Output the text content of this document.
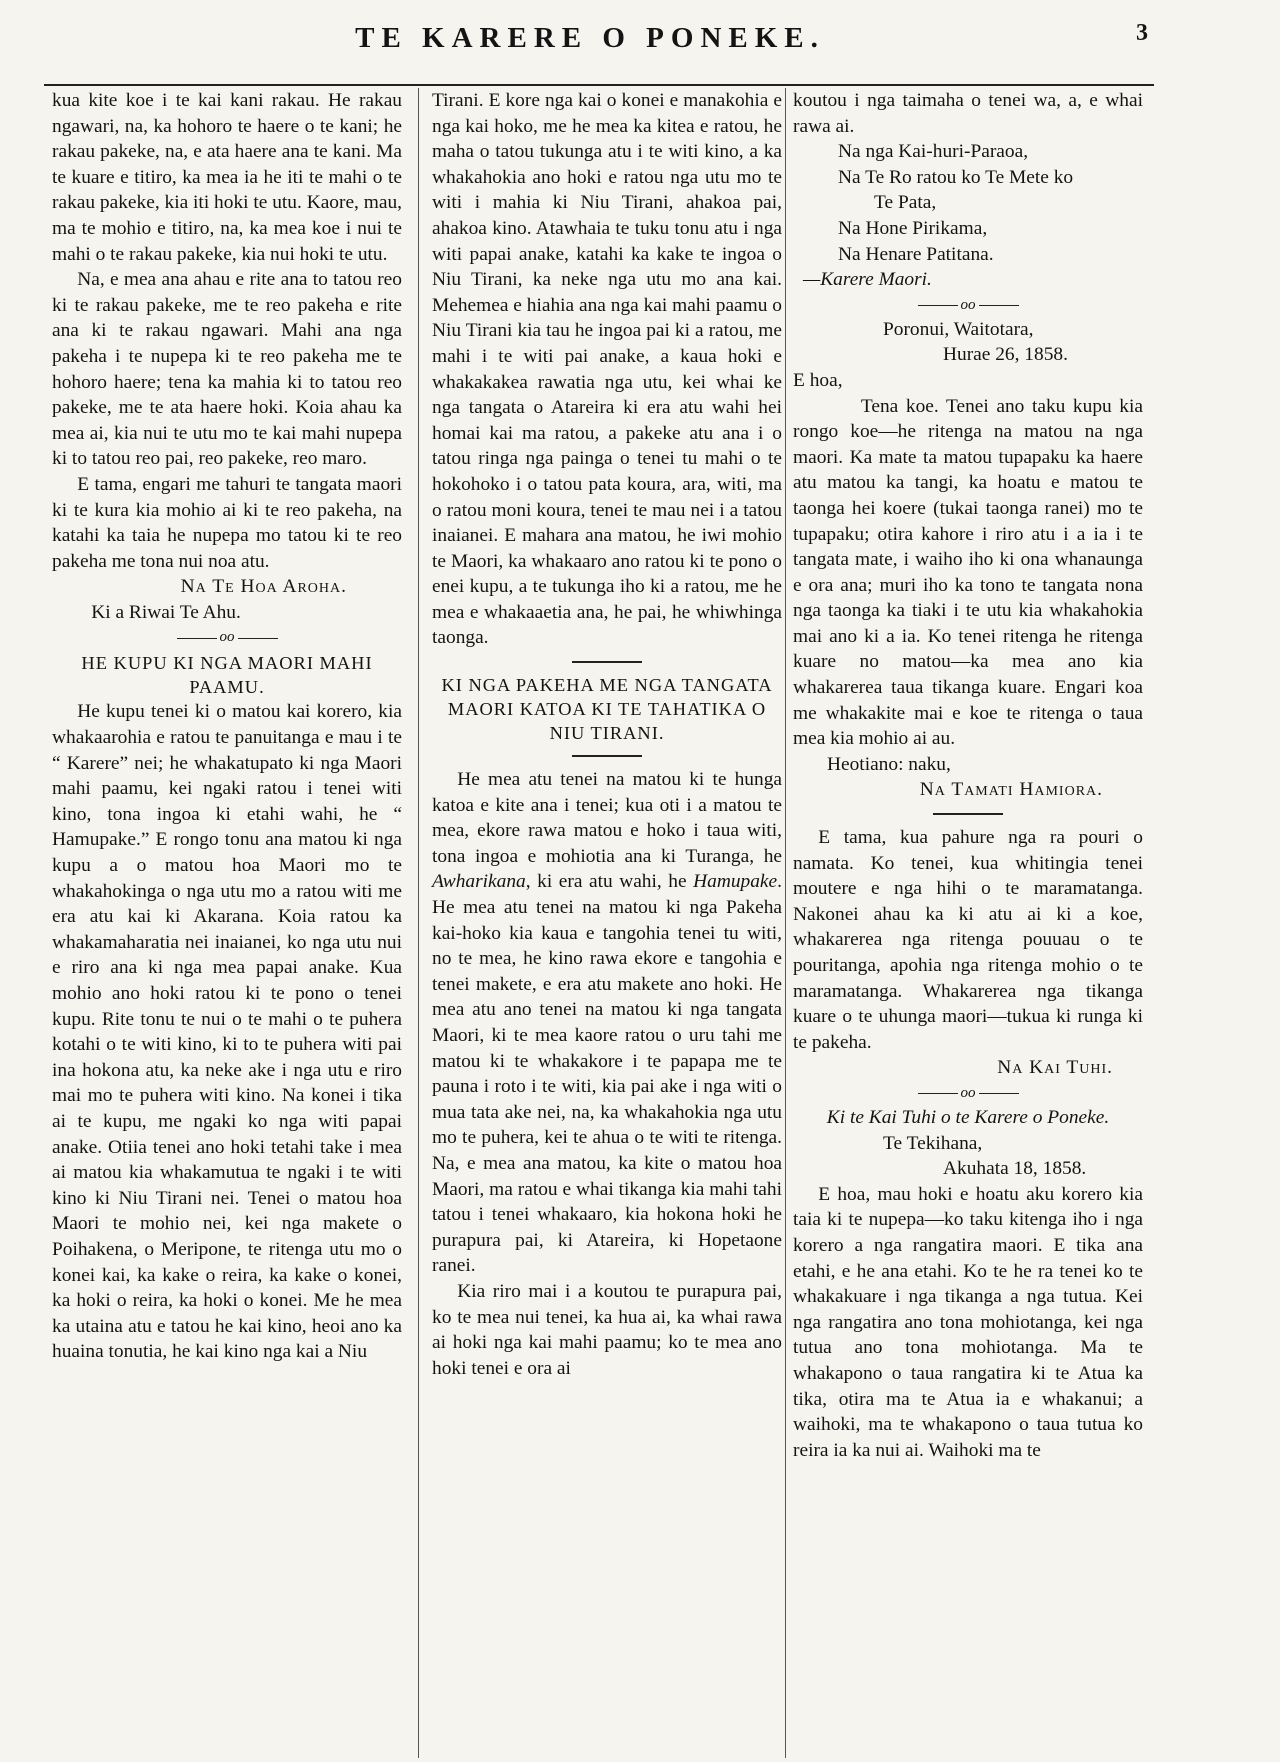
TE KARERE O PONEKE.	3

kua kite koe i te kai kani rakau. He rakau ngawari, na, ka hohoro te haere o te kani; he rakau pakeke, na, e ata haere ana te kani. Ma te kuare e titiro, ka mea ia he iti te mahi o te rakau pakeke, kia iti hoki te utu. Kaore, mau, ma te mohio e titiro, na, ka mea koe i nui te mahi o te rakau pakeke, kia nui hoki te utu.

Na, e mea ana ahau e rite ana to tatou reo ki te rakau pakeke, me te reo pakeha e rite ana ki te rakau ngawari. Mahi ana nga pakeha i te nupepa ki te reo pakeha me te hohoro haere; tena ka mahia ki to tatou reo pakeke, me te ata haere hoki. Koia ahau ka mea ai, kia nui te utu mo te kai mahi nupepa ki to tatou reo pai, reo pakeke, reo maro.

E tama, engari me tahuri te tangata maori ki te kura kia mohio ai ki te reo pakeha, na katahi ka taia he nupepa mo tatou ki te reo pakeha me tona nui noa atu.

Na Te Hoa Aroha.

Ki a Riwai Te Ahu.

oo
HE KUPU KI NGA MAORI MAHI PAAMU.

He kupu tenei ki o matou kai korero, kia whakaarohia e ratou te panuitanga e mau i te “ Karere” nei; he whakatupato ki nga Maori mahi paamu, kei ngaki ratou i tenei witi kino, tona ingoa ki etahi wahi, he “ Hamupake.” E rongo tonu ana matou ki nga kupu a o matou hoa Maori mo te whakahokinga o nga utu mo a ratou witi me era atu kai ki Akarana. Koia ratou ka whakamaharatia nei inaianei, ko nga utu nui e riro ana ki nga mea papai anake. Kua mohio ano hoki ratou ki te pono o tenei kupu. Rite tonu te nui o te mahi o te puhera kotahi o te witi kino, ki to te puhera witi pai ina hokona atu, ka neke ake i nga utu e riro mai mo te puhera witi kino. Na konei i tika ai te kupu, me ngaki ko nga witi papai anake. Otiia tenei ano hoki tetahi take i mea ai matou kia whakamutua te ngaki i te witi kino ki Niu Tirani nei. Tenei o matou hoa Maori te mohio nei, kei nga makete o Poihakena, o Meripone, te ritenga utu mo o konei kai, ka kake o reira, ka kake o konei, ka hoki o reira, ka hoki o konei. Me he mea ka utaina atu e tatou he kai kino, heoi ano ka huaina tonutia, he kai kino nga kai a Niu

Tirani. E kore nga kai o konei e manakohia e nga kai hoko, me he mea ka kitea e ratou, he maha o tatou tukunga atu i te witi kino, a ka whakahokia ano hoki e ratou nga utu mo te witi i mahia ki Niu Tirani, ahakoa pai, ahakoa kino. Atawhaia te tuku tonu atu i nga witi papai anake, katahi ka kake te ingoa o Niu Tirani, ka neke nga utu mo ana kai. Mehemea e hiahia ana nga kai mahi paamu o Niu Tirani kia tau he ingoa pai ki a ratou, me mahi i te witi pai anake, a kaua hoki e whakakakea rawatia nga utu, kei whai ke nga tangata o Atareira ki era atu wahi hei homai kai ma ratou, a pakeke atu ana i o tatou ringa nga painga o tenei tu mahi o te hokohoko i o tatou pata koura, ara, witi, ma o ratou moni koura, tenei te mau nei i a tatou inaianei. E mahara ana matou, he iwi mohio te Maori, ka whakaaro ano ratou ki te pono o enei kupu, a te tukunga iho ki a ratou, me he mea e whakaaetia ana, he pai, he whiwhinga taonga.

KI NGA PAKEHA ME NGA TANGATA MAORI KATOA KI TE TAHATIKA O NIU TIRANI.

He mea atu tenei na matou ki te hunga katoa e kite ana i tenei; kua oti i a matou te mea, ekore rawa matou e hoko i taua witi, tona ingoa e mohiotia ana ki Turanga, he Awharikana, ki era atu wahi, he Hamupake. He mea atu tenei na matou ki nga Pakeha kai-hoko kia kaua e tangohia tenei tu witi, no te mea, he kino rawa ekore e tangohia e tenei makete, e era atu makete ano hoki. He mea atu ano tenei na matou ki nga tangata Maori, ki te mea kaore ratou o uru tahi me matou ki te whakakore i te papapa me te pauna i roto i te witi, kia pai ake i nga witi o mua tata ake nei, na, ka whakahokia nga utu mo te puhera, kei te ahua o te witi te ritenga. Na, e mea ana matou, ka kite o matou hoa Maori, ma ratou e whai tikanga kia mahi tahi tatou i tenei whakaaro, kia hokona hoki he purapura pai, ki Atareira, ki Hopetaone ranei.

Kia riro mai i a koutou te purapura pai, ko te mea nui tenei, ka hua ai, ka whai rawa ai hoki nga kai mahi paamu; ko te mea ano hoki tenei e ora ai

koutou i nga taimaha o tenei wa, a, e whai rawa ai.

Na nga Kai-huri-Paraoa,
Na Te Ro ratou ko Te Mete ko
Te Pata,
Na Hone Pirikama,
Na Henare Patitana.

—Karere Maori.

oo
Poronui, Waitotara,
Hurae 26, 1858.

E hoa,

Tena koe. Tenei ano taku kupu kia rongo koe—he ritenga na matou na nga maori. Ka mate ta matou tupapaku ka haere atu matou ka tangi, ka hoatu e matou te taonga hei koere (tukai taonga ranei) mo te tupapaku; otira kahore i riro atu i a ia i te tangata mate, i waiho iho ki ona whanaunga e ora ana; muri iho ka tono te tangata nona nga taonga ka tiaki i te utu kia whakahokia mai ano ki a ia. Ko tenei ritenga he ritenga kuare no matou—ka mea ano kia whakarerea taua tikanga kuare. Engari koa me whakakite mai e koe te ritenga o taua mea kia mohio ai au.

Heotiano: naku,

Na Tamati Hamiora.

E tama, kua pahure nga ra pouri o namata. Ko tenei, kua whitingia tenei moutere e nga hihi o te maramatanga. Nakonei ahau ka ki atu ai ki a koe, whakarerea nga ritenga pouuau o te pouritanga, apohia nga ritenga mohio o te maramatanga. Whakarerea nga tikanga kuare o te uhunga maori—tukua ki runga ki te pakeha.

Na Kai Tuhi.

oo
Ki te Kai Tuhi o te Karere o Poneke.
Te Tekihana,
Akuhata 18, 1858.

E hoa, mau hoki e hoatu aku korero kia taia ki te nupepa—ko taku kitenga iho i nga korero a nga rangatira maori. E tika ana etahi, e he ana etahi. Ko te he ra tenei ko te whakakuare i nga tikanga a nga tutua. Kei nga rangatira ano tona mohiotanga, kei nga tutua ano tona mohiotanga. Ma te whakapono o taua rangatira ki te Atua ka tika, otira ma te Atua ia e whakanui; a waihoki, ma te whakapono o taua tutua ko reira ia ka nui ai. Waihoki ma te
